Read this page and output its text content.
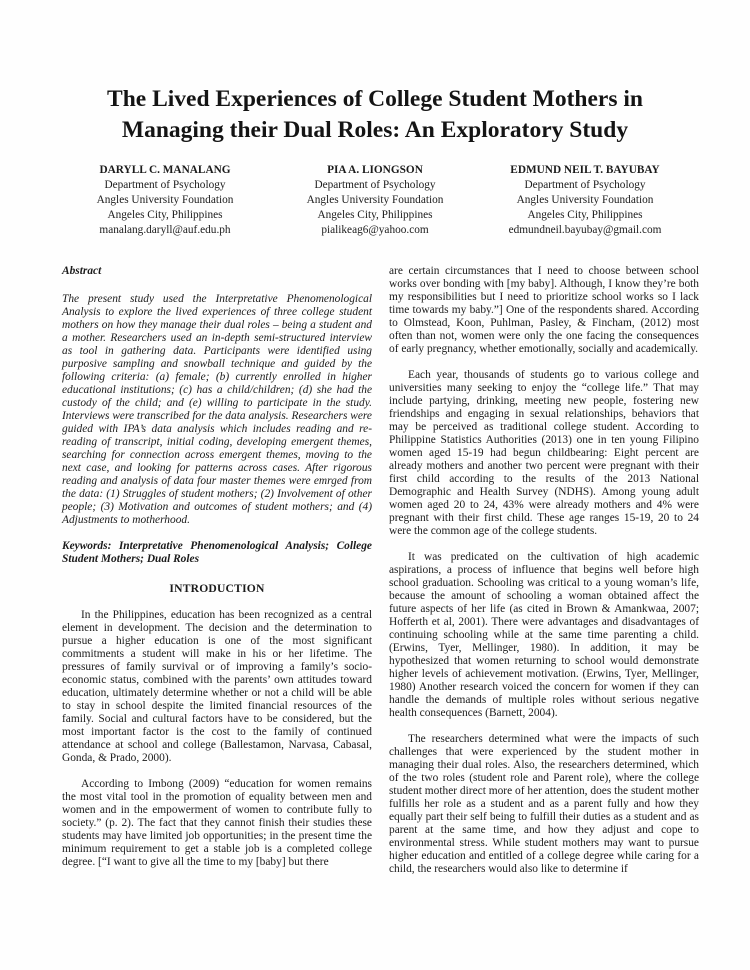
The Lived Experiences of College Student Mothers in
Managing their Dual Roles: An Exploratory Study
DARYLL C. MANALANG
Department of Psychology
Angles University Foundation
Angeles City, Philippines
manalang.daryll@auf.edu.ph
PIA A. LIONGSON
Department of Psychology
Angles University Foundation
Angeles City, Philippines
pialikeag6@yahoo.com
EDMUND NEIL T. BAYUBAY
Department of Psychology
Angles University Foundation
Angeles City, Philippines
edmundneil.bayubay@gmail.com
Abstract

The present study used the Interpretative Phenomenological Analysis to explore the lived experiences of three college student mothers on how they manage their dual roles – being a student and a mother. Researchers used an in-depth semi-structured interview as tool in gathering data. Participants were identified using purposive sampling and snowball technique and guided by the following criteria: (a) female; (b) currently enrolled in higher educational institutions; (c) has a child/children; (d) she had the custody of the child; and (e) willing to participate in the study. Interviews were transcribed for the data analysis. Researchers were guided with IPA’s data analysis which includes reading and re-reading of transcript, initial coding, developing emergent themes, searching for connection across emergent themes, moving to the next case, and looking for patterns across cases. After rigorous reading and analysis of data four master themes were emrged from the data: (1) Struggles of student mothers; (2) Involvement of other people; (3) Motivation and outcomes of student mothers; and (4) Adjustments to motherhood.

Keywords: Interpretative Phenomenological Analysis; College Student Mothers; Dual Roles

INTRODUCTION

In the Philippines, education has been recognized as a central element in development. The decision and the determination to pursue a higher education is one of the most significant commitments a student will make in his or her lifetime. The pressures of family survival or of improving a family’s socio-economic status, combined with the parents’ own attitudes toward education, ultimately determine whether or not a child will be able to stay in school despite the limited financial resources of the family. Social and cultural factors have to be considered, but the most important factor is the cost to the family of continued attendance at school and college (Ballestamon, Narvasa, Cabasal, Gonda, & Prado, 2000).

According to Imbong (2009) “education for women remains the most vital tool in the promotion of equality between men and women and in the empowerment of women to contribute fully to society.” (p. 2). The fact that they cannot finish their studies these students may have limited job opportunities; in the present time the minimum requirement to get a stable job is a completed college degree. [“I want to give all the time to my [baby] but there

are certain circumstances that I need to choose between school works over bonding with [my baby]. Although, I know they’re both my responsibilities but I need to prioritize school works so I lack time towards my baby.”] One of the respondents shared. According to Olmstead, Koon, Puhlman, Pasley, & Fincham, (2012) most often than not, women were only the one facing the consequences of early pregnancy, whether emotionally, socially and academically.

Each year, thousands of students go to various college and universities many seeking to enjoy the “college life.” That may include partying, drinking, meeting new people, fostering new friendships and engaging in sexual relationships, behaviors that may be perceived as traditional college student. According to Philippine Statistics Authorities (2013) one in ten young Filipino women aged 15-19 had begun childbearing: Eight percent are already mothers and another two percent were pregnant with their first child according to the results of the 2013 National Demographic and Health Survey (NDHS). Among young adult women aged 20 to 24, 43% were already mothers and 4% were pregnant with their first child. These age ranges 15-19, 20 to 24 were the common age of the college students.

It was predicated on the cultivation of high academic aspirations, a process of influence that begins well before high school graduation. Schooling was critical to a young woman’s life, because the amount of schooling a woman obtained affect the future aspects of her life (as cited in Brown & Amankwaa, 2007; Hofferth et al, 2001). There were advantages and disadvantages of continuing schooling while at the same time parenting a child. (Erwins, Tyer, Mellinger, 1980). In addition, it may be hypothesized that women returning to school would demonstrate higher levels of achievement motivation. (Erwins, Tyer, Mellinger, 1980) Another research voiced the concern for women if they can handle the demands of multiple roles without serious negative health consequences (Barnett, 2004).

The researchers determined what were the impacts of such challenges that were experienced by the student mother in managing their dual roles. Also, the researchers determined, which of the two roles (student role and Parent role), where the college student mother direct more of her attention, does the student mother fulfills her role as a student and as a parent fully and how they equally part their self being to fulfill their duties as a student and as parent at the same time, and how they adjust and cope to environmental stress. While student mothers may want to pursue higher education and entitled of a college degree while caring for a child, the researchers would also like to determine if
